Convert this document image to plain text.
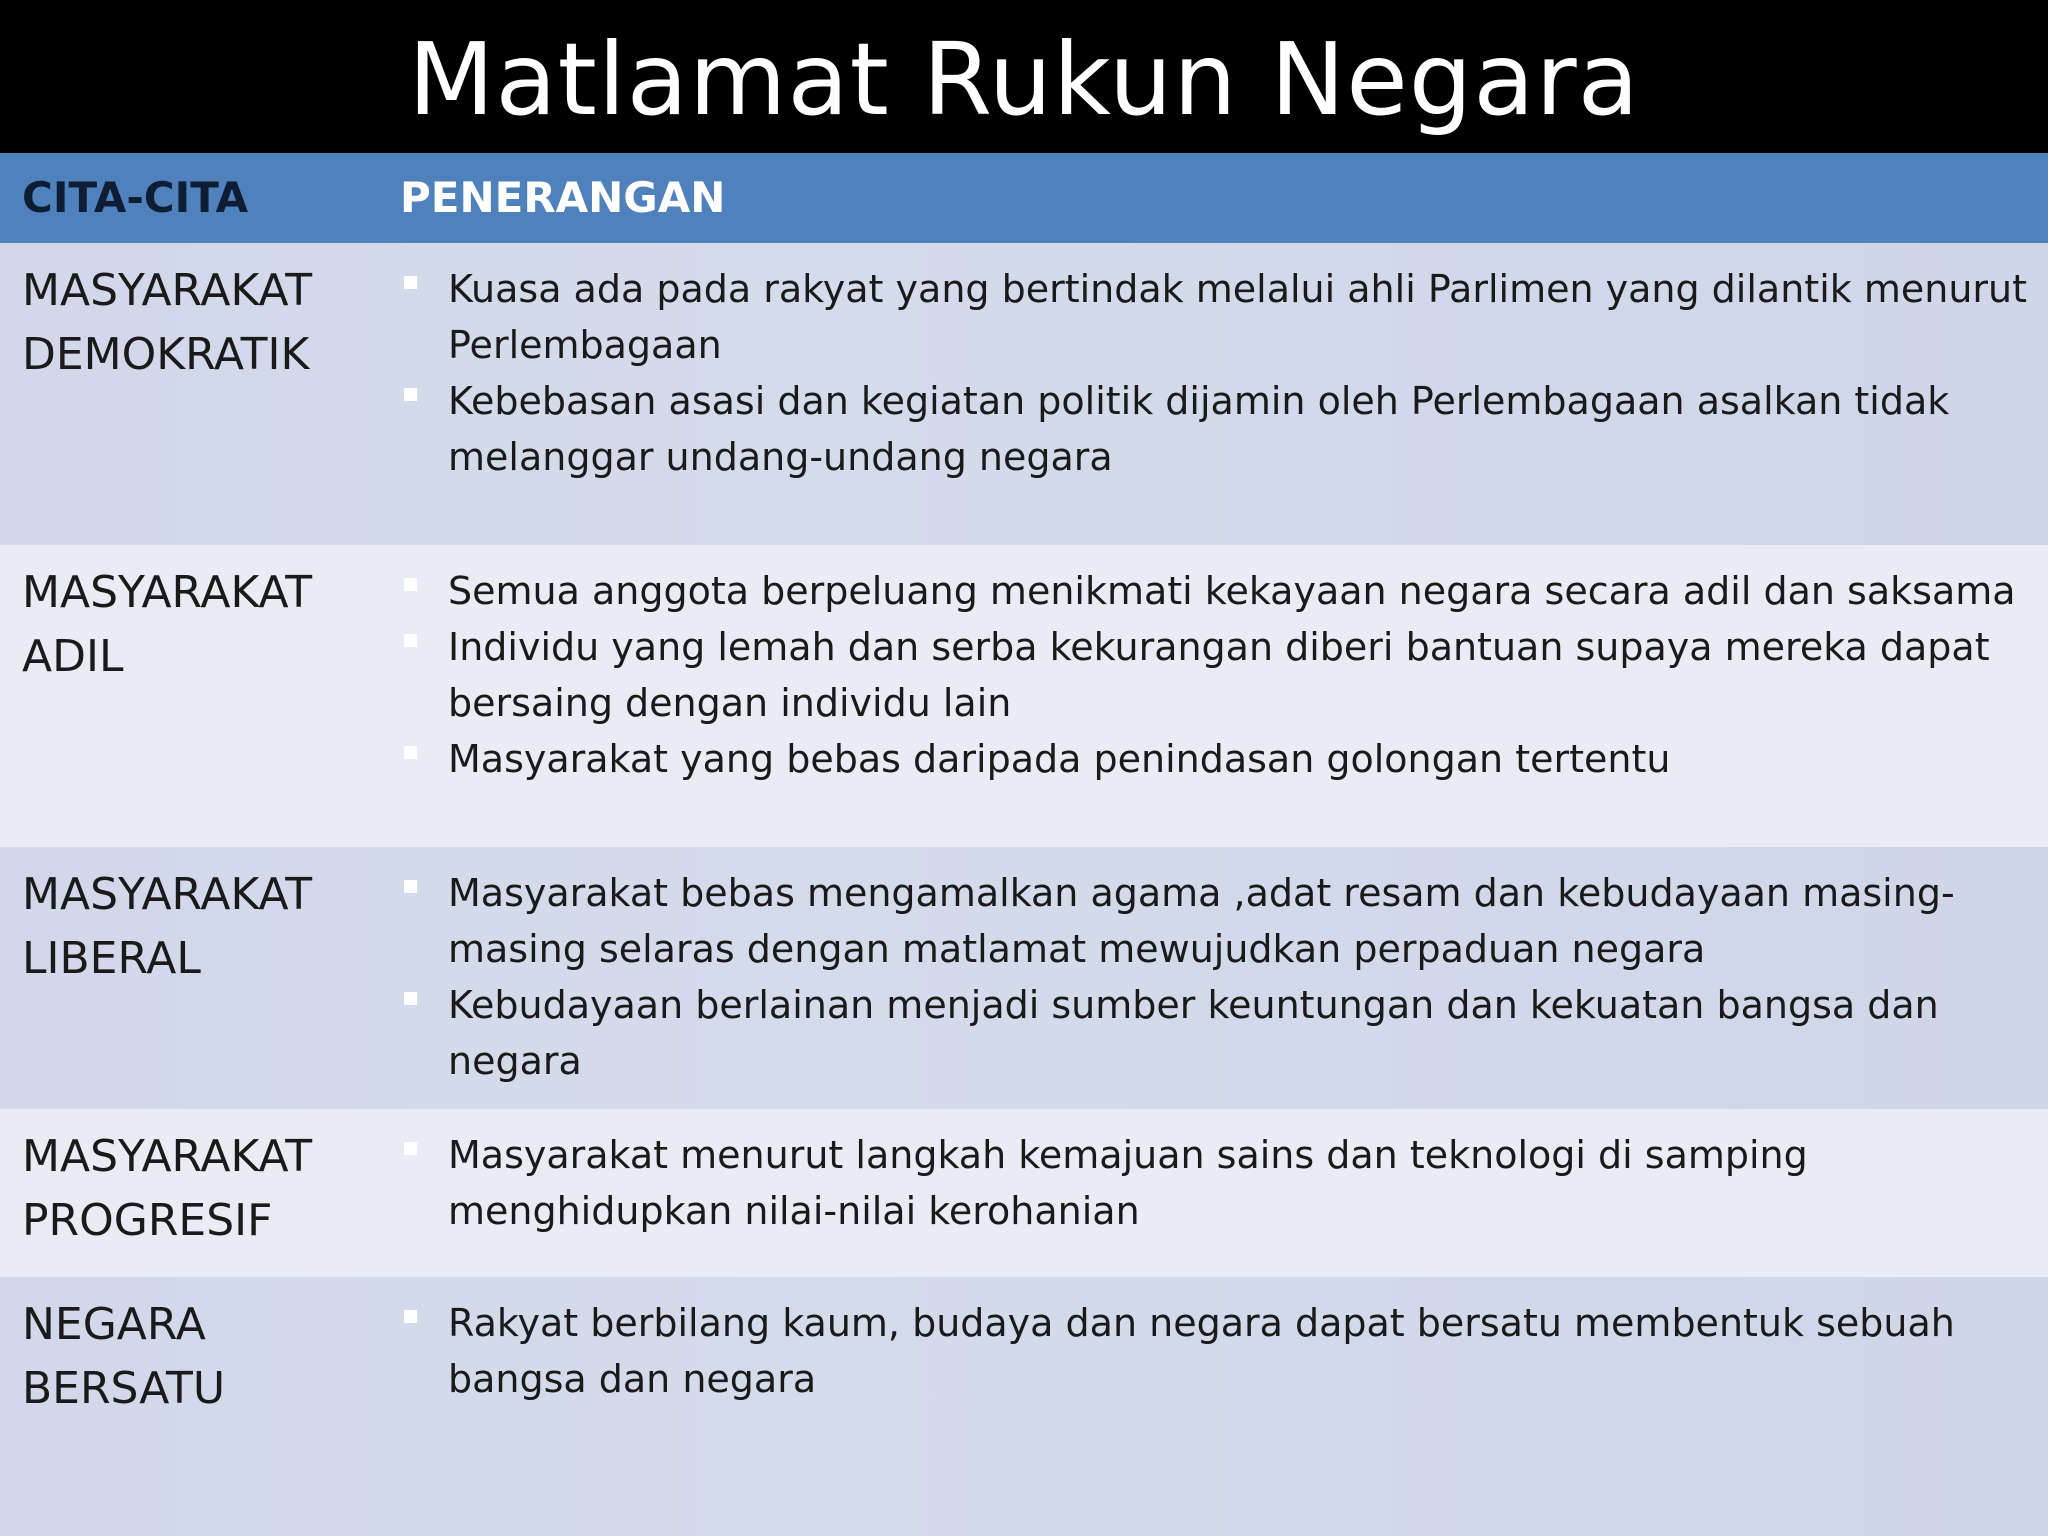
Matlamat Rukun Negara
CITA-CITA	PENERANGAN
MASYARAKAT
DEMOKRATIK
Kuasa ada pada rakyat yang bertindak melalui ahli Parlimen yang dilantik menurut Perlembagaan
Kebebasan asasi dan kegiatan politik dijamin oleh Perlembagaan asalkan tidak melanggar undang-undang negara
MASYARAKAT
ADIL
Semua anggota berpeluang menikmati kekayaan negara secara adil dan saksama
Individu yang lemah dan serba kekurangan diberi bantuan supaya mereka dapat bersaing dengan individu lain
Masyarakat yang bebas daripada penindasan golongan tertentu
MASYARAKAT
LIBERAL
Masyarakat bebas mengamalkan agama ,adat resam dan kebudayaan masing-masing selaras dengan matlamat mewujudkan perpaduan negara
Kebudayaan berlainan menjadi sumber keuntungan dan kekuatan bangsa dan negara
MASYARAKAT
PROGRESIF
Masyarakat menurut langkah kemajuan sains dan teknologi di samping menghidupkan nilai-nilai kerohanian
NEGARA
BERSATU
Rakyat berbilang kaum, budaya dan negara dapat bersatu membentuk sebuah bangsa dan negara
